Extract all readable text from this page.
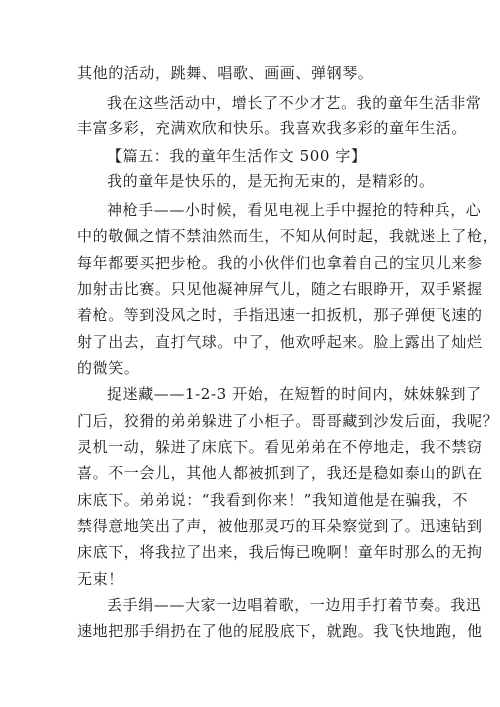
其他的活动，跳舞、唱歌、画画、弹钢琴。
我在这些活动中，增长了不少才艺。我的童年生活非常
丰富多彩，充满欢欣和快乐。我喜欢我多彩的童年生活。
【篇五：我的童年生活作文 500 字】
我的童年是快乐的，是无拘无束的，是精彩的。
神枪手——小时候，看见电视上手中握抢的特种兵，心
中的敬佩之情不禁油然而生，不知从何时起，我就迷上了枪，
每年都要买把步枪。我的小伙伴们也拿着自己的宝贝儿来参
加射击比赛。只见他凝神屏气儿，随之右眼睁开，双手紧握
着枪。等到没风之时，手指迅速一扣扳机，那子弹便飞速的
射了出去，直打气球。中了，他欢呼起来。脸上露出了灿烂
的微笑。
捉迷藏——1-2-3 开始，在短暂的时间内，妹妹躲到了
门后，狡猾的弟弟躲进了小柜子。哥哥藏到沙发后面，我呢？
灵机一动，躲进了床底下。看见弟弟在不停地走，我不禁窃
喜。不一会儿，其他人都被抓到了，我还是稳如泰山的趴在
床底下。弟弟说：“我看到你来！”我知道他是在骗我，不
禁得意地笑出了声，被他那灵巧的耳朵察觉到了。迅速钻到
床底下，将我拉了出来，我后悔已晚啊！童年时那么的无拘
无束！
丢手绢——大家一边唱着歌，一边用手打着节奏。我迅
速地把那手绢扔在了他的屁股底下，就跑。我飞快地跑，他
